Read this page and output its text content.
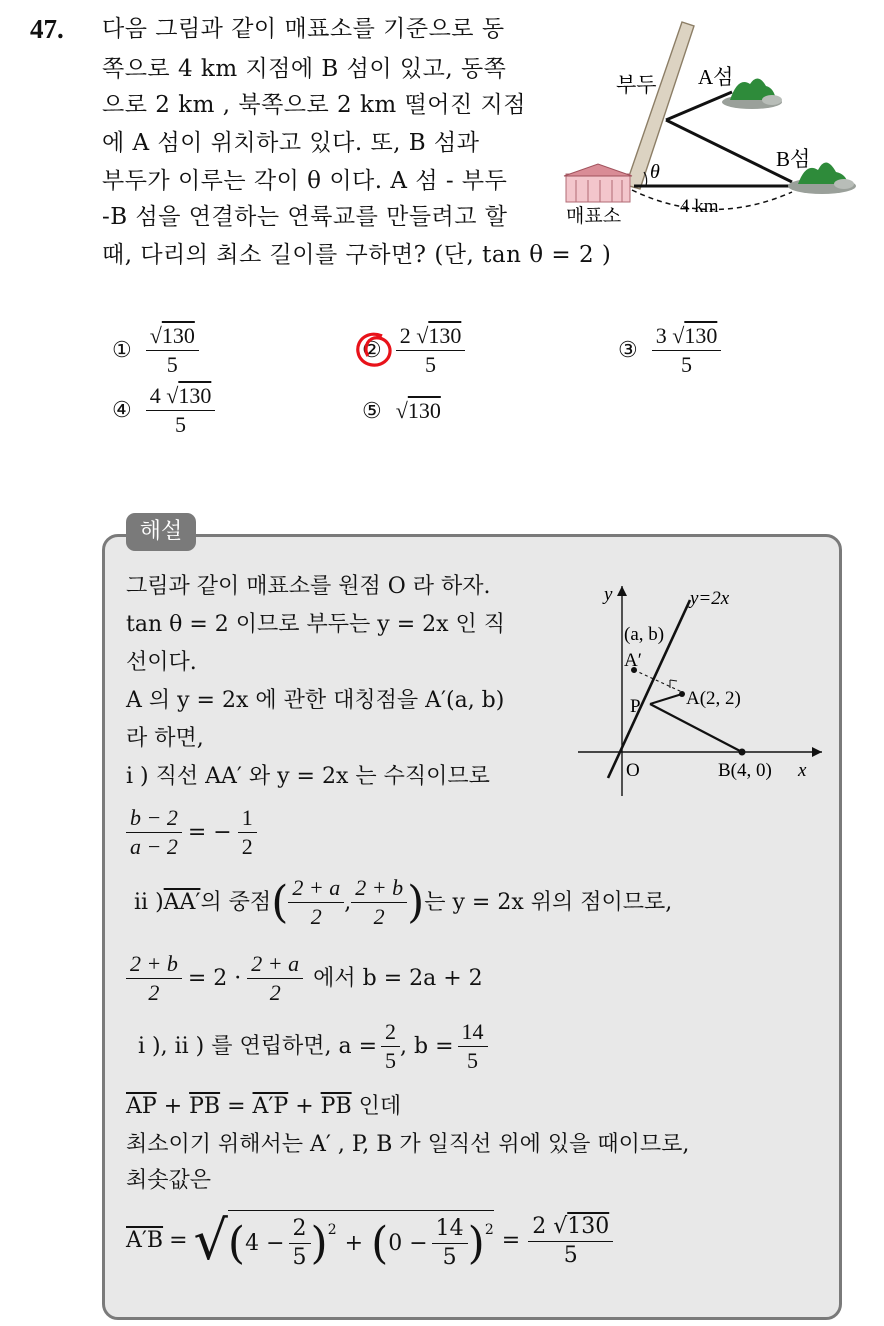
47. 다음 그림과 같이 매표소를 기준으로 동
쪽으로 4 km 지점에 B 섬이 있고, 동쪽
으로 2 km , 북쪽으로 2 km 떨어진 지점
에 A 섬이 위치하고 있다. 또, B 섬과
부두가 이루는 각이 θ 이다. A 섬 - 부두
-B 섬을 연결하는 연륙교를 만들려고 할
때, 다리의 최소 길이를 구하면? (단, tan θ = 2 )
부두 A섬
B섬
매표소
θ
4 km
① $\frac{√130}{5}$	② $\frac{2 √130}{5}$	③ $\frac{3 √130}{5}$
④ $\frac{4 √130}{5}$	⑤ √130
해설
그림과 같이 매표소를 원점 O 라 하자.
tan θ = 2 이므로 부두는 y = 2x 인 직
선이다.
A 의 y = 2x 에 관한 대칭점을 A′(a, b)
라 하면,
i ) 직선 AA′ 와 y = 2x 는 수직이므로
$\frac{b - 2}{a - 2}$ = − $\frac{1}{2}$
ii ) AA′ 의 중점 ( $\frac{2 + a}{2}$ , $\frac{2 + b}{2}$ ) 는 y = 2x 위의 점이므로,
$\frac{2 + b}{2} = 2 \cdot \frac{2 + a}{2}$ 에서 b = 2a + 2
i ), ii ) 를 연립하면, $a = \frac{2}{5}$ , $b = \frac{14}{5}$
$\overline{AP} + \overline{PB} = A'P + \overline{PB}$ 인데
최소이기 위해서는 A′ , P, B 가 일직선 위에 있을 때이므로,
최솟값은
A′B = √ ( $4 - \frac{2}{5} )^2$
+ ( $0 - \frac{14}{5} )^2 = \frac{2 √130}{5}$
y
x
y=2x
(a, b)
A′
P A(2, 2)
O	B(4, 0)
